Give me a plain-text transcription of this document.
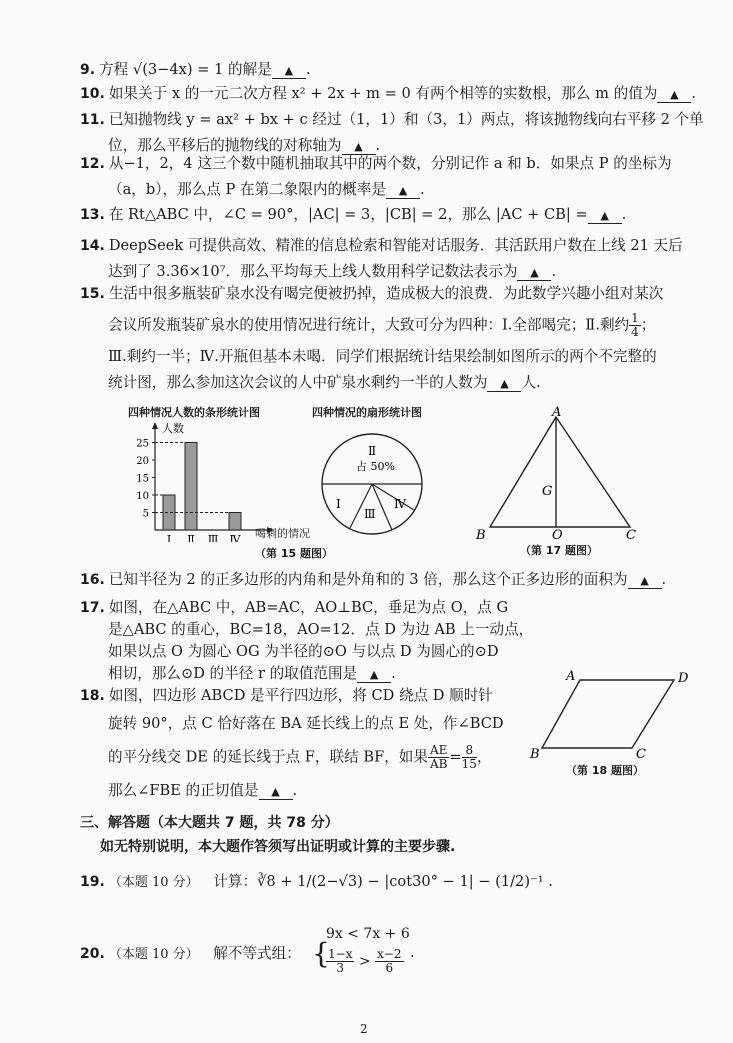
9. 方程 √(3−4x) = 1 的解是 ▲ .
10. 如果关于 x 的一元二次方程 x² + 2x + m = 0 有两个相等的实数根，那么 m 的值为 ▲ .
11. 已知抛物线 y = ax² + bx + c 经过（1，1）和（3，1）两点，将该抛物线向右平移 2 个单
位，那么平移后的抛物线的对称轴为 ▲ .
12. 从−1，2，4 这三个数中随机抽取其中的两个数，分别记作 a 和 b．如果点 P 的坐标为
（a，b），那么点 P 在第二象限内的概率是 ▲ .
13. 在 Rt△ABC 中，∠C = 90°，|AC| = 3，|CB| = 2，那么 |AC + CB| = ▲ .
14. DeepSeek 可提供高效、精准的信息检索和智能对话服务．其活跃用户数在上线 21 天后
达到了 3.36×10⁷．那么平均每天上线人数用科学记数法表示为 ▲ .
15. 生活中很多瓶装矿泉水没有喝完便被扔掉，造成极大的浪费．为此数学兴趣小组对某次
会议所发瓶装矿泉水的使用情况进行统计，大致可分为四种：Ⅰ.全部喝完；Ⅱ.剩约 $\frac{1}{4}$ ；
Ⅲ.剩约一半；Ⅳ.开瓶但基本未喝．同学们根据统计结果绘制如图所示的两个不完整的
统计图，那么参加这次会议的人中矿泉水剩约一半的人数为 ▲ 人.
四种情况人数的条形统计图	四种情况的扇形统计图
人数
5
10
15
20
25
Ⅰ Ⅱ Ⅲ Ⅳ 喝剩的情况
Ⅱ
占 50%
Ⅰ
Ⅲ
Ⅳ
（第 15 题图）
A
G
B	O	C
（第 17 题图）
16. 已知半径为 2 的正多边形的内角和是外角和的 3 倍，那么这个正多边形的面积为 ▲ .
17. 如图，在△ABC 中，AB=AC，AO⊥BC，垂足为点 O，点 G
是△ABC 的重心，BC=18，AO=12．点 D 为边 AB 上一动点，
如果以点 O 为圆心 OG 为半径的⊙O 与以点 D 为圆心的⊙D
相切，那么⊙D 的半径 r 的取值范围是 ▲ .
18. 如图，四边形 ABCD 是平行四边形，将 CD 绕点 D 顺时针
旋转 90°，点 C 恰好落在 BA 延长线上的点 E 处，作∠BCD
的平分线交 DE 的延长线于点 F，联结 BF，如果 $\frac{AE}{AB} = \frac{8}{15}$ ，
那么∠FBE 的正切值是 ▲ .
A	D
B	C
（第 18 题图）
三、解答题（本大题共 7 题，共 78 分）
如无特别说明，本大题作答须写出证明或计算的主要步骤.
19. （本题 10 分） 计算：∛8 + 1/(2−√3) − |cot30° − 1| − (1/2)⁻¹ .
20. （本题 10 分） 解不等式组： {
9x < 7x + 6
$\frac{1-x}{3} > \frac{x-2}{6}$ .
2
